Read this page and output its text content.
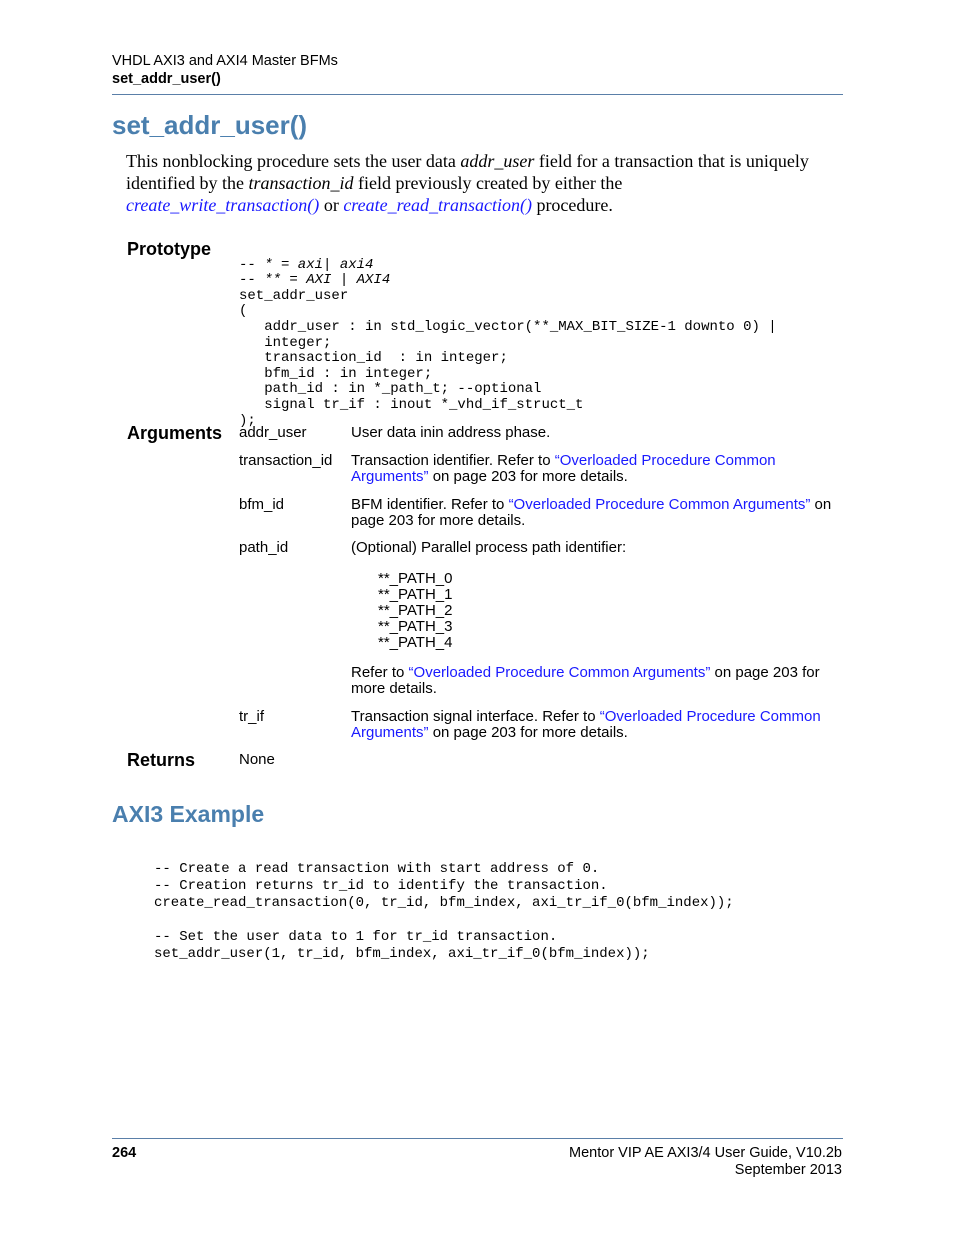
VHDL AXI3 and AXI4 Master BFMs
set_addr_user()
set_addr_user()
This nonblocking procedure sets the user data addr_user field for a transaction that is uniquely
identified by the transaction_id field previously created by either the
create_write_transaction() or create_read_transaction() procedure.
Prototype

-- * = axi| axi4
-- ** = AXI | AXI4
set_addr_user
(
addr_user : in std_logic_vector(**_MAX_BIT_SIZE-1 downto 0) |
integer;
transaction_id  : in integer;
bfm_id : in integer;
path_id : in *_path_t; --optional
signal tr_if : inout *_vhd_if_struct_t
);

Arguments addr_user	User data inin address phase.
transaction_id Transaction identifier. Refer to “Overloaded Procedure Common Arguments” on page 203 for more details.
bfm_id	BFM identifier. Refer to “Overloaded Procedure Common Arguments” on page 203 for more details.
path_id	(Optional) Parallel process path identifier:
**_PATH_0
**_PATH_1
**_PATH_2
**_PATH_3
**_PATH_4
Refer to “Overloaded Procedure Common Arguments” on page 203 for more details.
tr_if	Transaction signal interface. Refer to “Overloaded Procedure Common Arguments” on page 203 for more details.
Returns	None
AXI3 Example

-- Create a read transaction with start address of 0.
-- Creation returns tr_id to identify the transaction.
create_read_transaction(0, tr_id, bfm_index, axi_tr_if_0(bfm_index));
-- Set the user data to 1 for tr_id transaction.
set_addr_user(1, tr_id, bfm_index, axi_tr_if_0(bfm_index));

264	Mentor VIP AE AXI3/4 User Guide, V10.2b
September 2013
